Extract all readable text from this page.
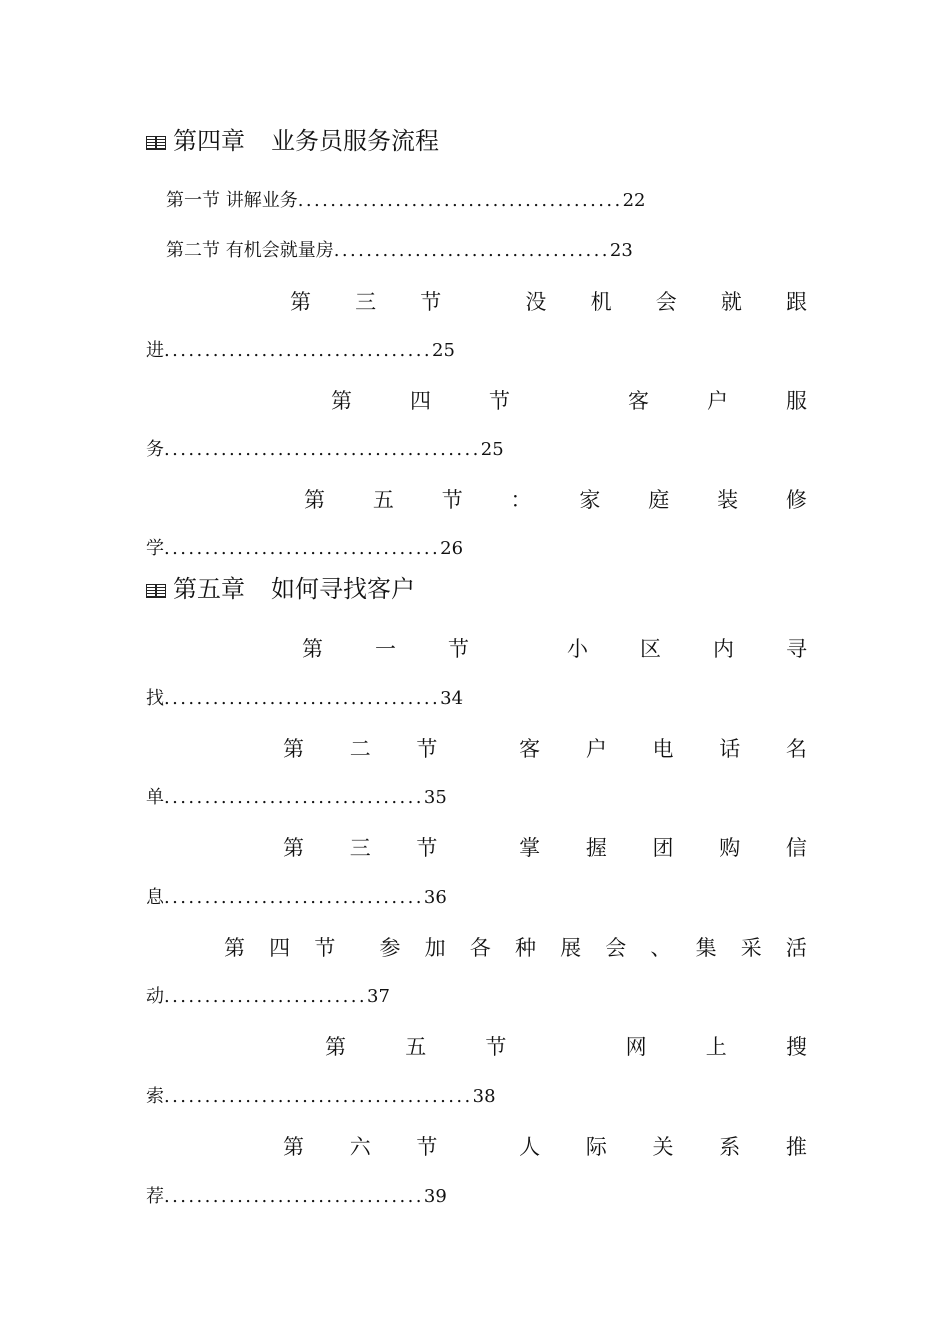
第四章 业务员服务流程
第一节 讲解业务........................................22
第二节 有机会就量房..................................23
第 三 节	没 机 会 就 跟
进.................................25
第	四	节	客	户	服
务.......................................25
第 五 节 ： 家 庭 装 修
学..................................26
第五章 如何寻找客户
第 一 节	小 区 内 寻
找..................................34
第 二 节	客 户 电 话 名
单................................35
第 三 节	掌 握 团 购 信
息................................36
第 四 节 参 加 各 种 展 会 、 集 采 活
动.........................37
第	五	节	网	上	搜
索......................................38
第 六 节	人 际 关 系 推
荐................................39
